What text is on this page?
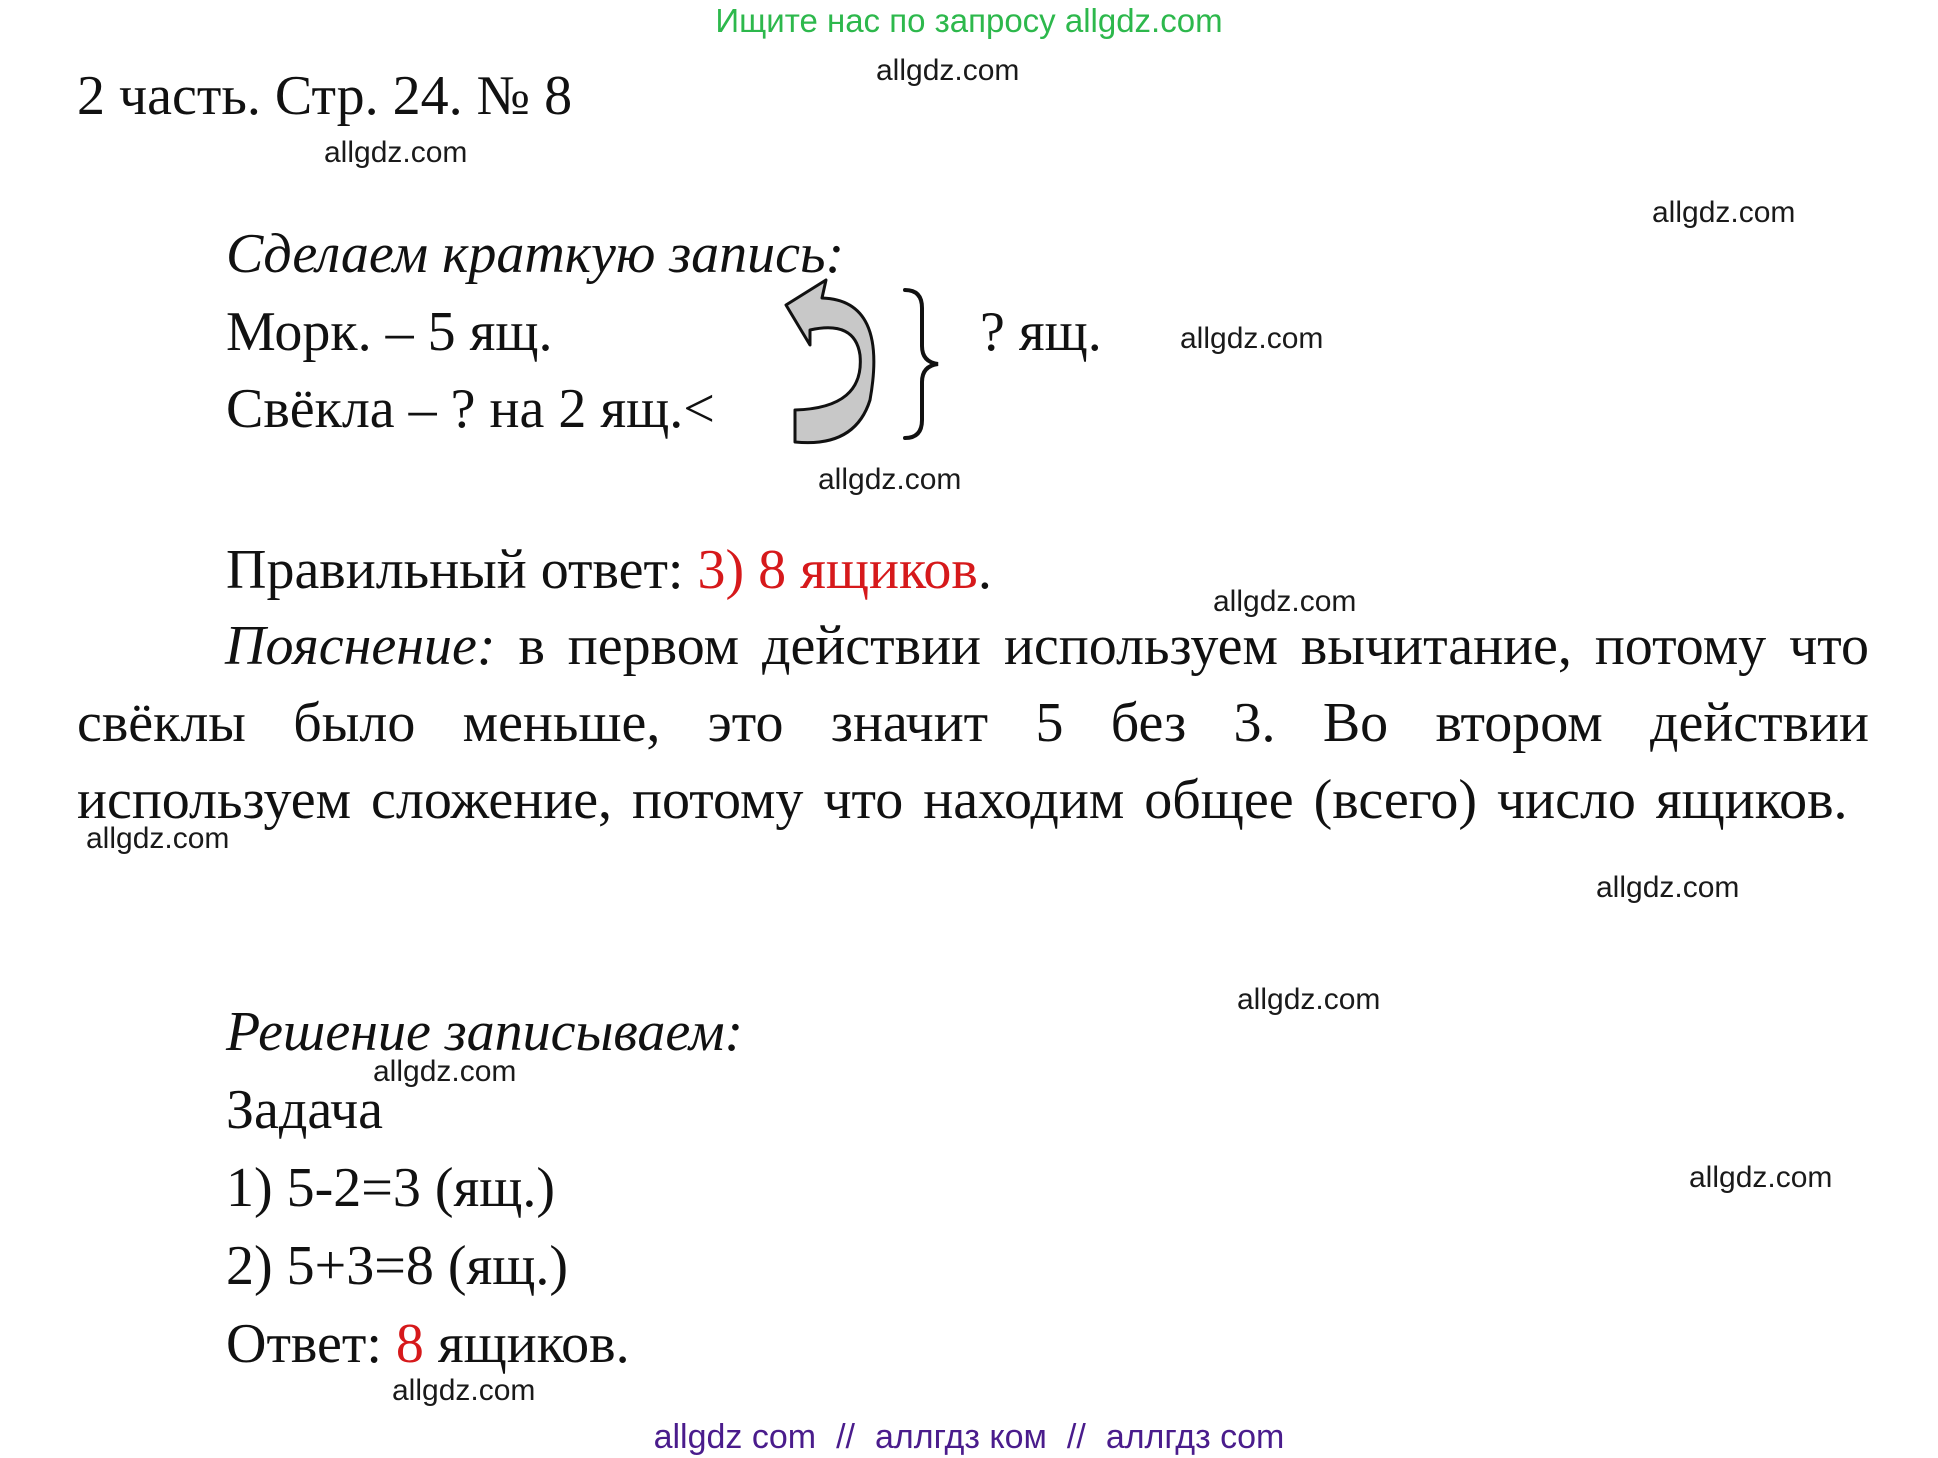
Ищите нас по запросу allgdz.com
2 часть. Стр. 24. № 8	allgdz.com
allgdz.com
allgdz.com
allgdz.com
allgdz.com
allgdz.com
allgdz.com
allgdz.com
allgdz.com
allgdz.com
allgdz.com
allgdz.com
Сделаем краткую запись:
Морк. – 5 ящ.
Свёкла – ? на 2 ящ.<
? ящ.
Правильный ответ: 3) 8 ящиков.
Пояснение: в первом действии используем вычитание, потому что свёклы было меньше, это значит 5 без 3. Во втором действии используем сложение, потому что находим общее (всего) число ящиков.
Решение записываем:
Задача
1) 5-2=3 (ящ.)
2) 5+3=8 (ящ.)
Ответ: 8 ящиков.
allgdz com // аллгдз ком // аллгдз com
